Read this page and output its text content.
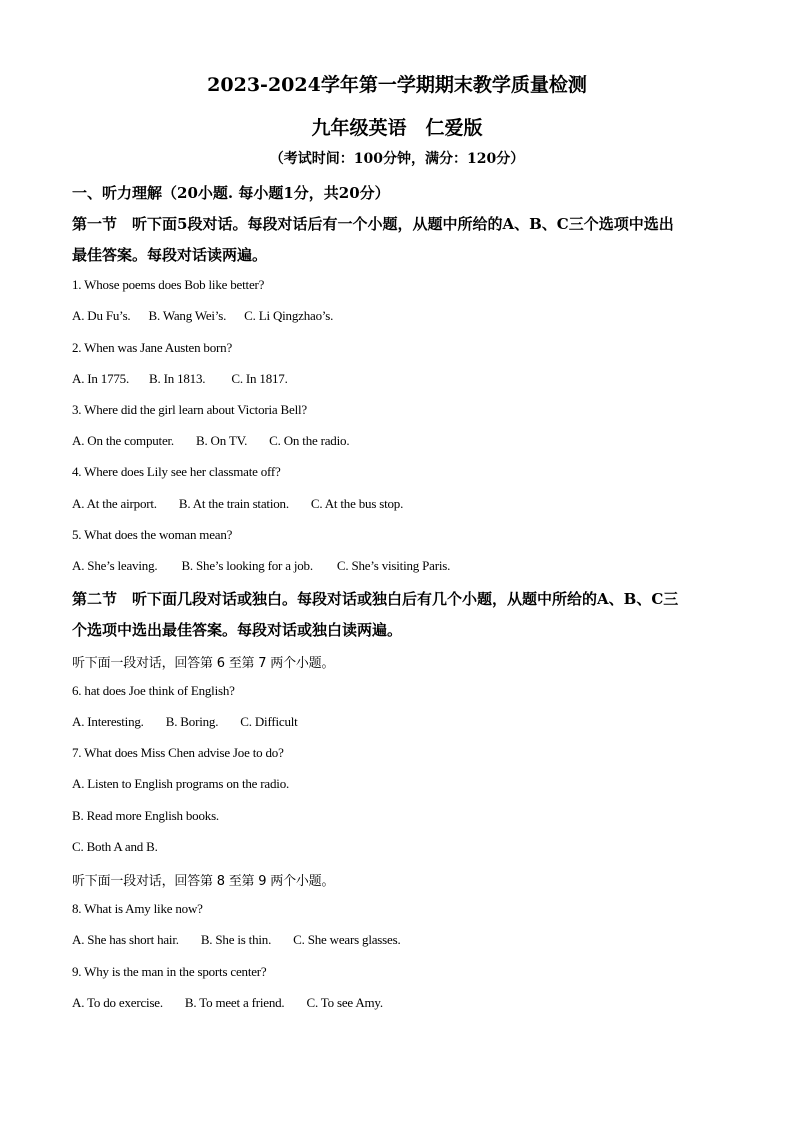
2023-2024学年第一学期期末教学质量检测
九年级英语　仁爱版
（考试时间：100分钟，满分：120分）
一、听力理解（20小题. 每小题1分，共20分）
第一节　听下面5段对话。每段对话后有一个小题，从题中所给的A、B、C三个选项中选出
最佳答案。每段对话读两遍。
1. Whose poems does Bob like better?
A. Du Fu’s. B. Wang Wei’s. C. Li Qingzhao’s.
2. When was Jane Austen born?
A. In 1775. B. In 1813. C. In 1817.
3. Where did the girl learn about Victoria Bell?
A. On the computer. B. On TV. C. On the radio.
4. Where does Lily see her classmate off?
A. At the airport. B. At the train station. C. At the bus stop.
5. What does the woman mean?
A. She’s leaving. B. She’s looking for a job. C. She’s visiting Paris.
第二节　听下面几段对话或独白。每段对话或独白后有几个小题，从题中所给的A、B、C三
个选项中选出最佳答案。每段对话或独白读两遍。
听下面一段对话，回答第 6 至第 7 两个小题。
6. hat does Joe think of English?
A. Interesting. B. Boring. C. Difficult
7. What does Miss Chen advise Joe to do?
A. Listen to English programs on the radio.
B. Read more English books.
C. Both A and B.
听下面一段对话，回答第 8 至第 9 两个小题。
8. What is Amy like now?
A. She has short hair. B. She is thin. C. She wears glasses.
9. Why is the man in the sports center?
A. To do exercise. B. To meet a friend. C. To see Amy.
